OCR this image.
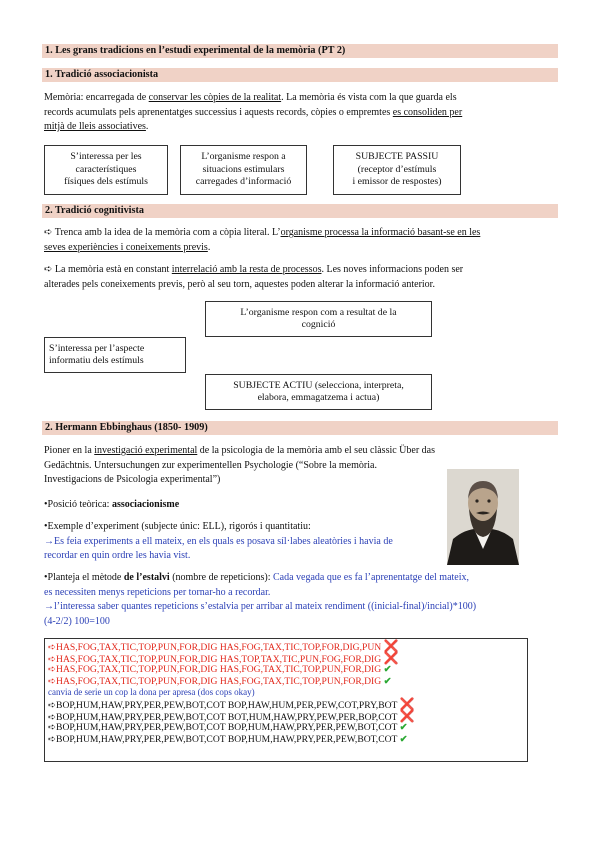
1. Les grans tradicions en l’estudi experimental de la memòria (PT 2)
1. Tradició associacionista
Memòria: encarregada de conservar les còpies de la realitat. La memòria és vista com la que guarda els
records acumulats pels aprenentatges successius i aquests records, còpies o empremtes es consoliden per
mitjà de lleis associatives.
S’interessa per les
característiques
físiques dels estímuls
L’organisme respon a
situacions estimulars
carregades d’informació
SUBJECTE PASSIU
(receptor d’estímuls
i emissor de respostes)
2. Tradició cognitivista
➪ Trenca amb la idea de la memòria com a còpia literal. L’organisme processa la informació basant-se en les
seves experiències i coneixements previs.
➪ La memòria està en constant interrelació amb la resta de processos. Les noves informacions poden ser
alterades pels coneixements previs, però al seu torn, aquestes poden alterar la informació anterior.
L’organisme respon com a resultat de la
cognició
S’interessa per l’aspecte
informatiu dels estímuls
SUBJECTE ACTIU (selecciona, interpreta,
elabora, emmagatzema i actua)
2. Hermann Ebbinghaus (1850- 1909)
Pioner en la investigació experimental de la psicologia de la memòria amb el seu clàssic Über das
Gedächtnis. Untersuchungen zur experimentellen Psychologie (“Sobre la memòria.
Investigacions de Psicologia experimental”)
•Posició teòrica: associacionisme
•Exemple d’experiment (subjecte únic: ELL), rigorós i quantitatiu:
→Es feia experiments a ell mateix, en els quals es posava síl·labes aleatòries i havia de
recordar en quin ordre les havia vist.
•Planteja el mètode de l’estalvi (nombre de repeticions): Cada vegada que es fa l’aprenentatge del mateix,
es necessiten menys repeticions per tornar-ho a recordar.
→l’interessa saber quantes repeticions s’estalvia per arribar al mateix rendiment ((inicial-final)/incial)*100)
(4-2/2) 100=100
➪HAS,FOG,TAX,TIC,TOP,PUN,FOR,DIG HAS,FOG,TAX,TIC,TOP,FOR,DIG,PUN ❌
➪HAS,FOG,TAX,TIC,TOP,PUN,FOR,DIG HAS,TOP,TAX,TIC,PUN,FOG,FOR,DIG ❌
➪HAS,FOG,TAX,TIC,TOP,PUN,FOR,DIG HAS,FOG,TAX,TIC,TOP,PUN,FOR,DIG ✔
➪HAS,FOG,TAX,TIC,TOP,PUN,FOR,DIG HAS,FOG,TAX,TIC,TOP,PUN,FOR,DIG ✔
canvia de serie un cop la dona per apresa (dos cops okay)
➪BOP,HUM,HAW,PRY,PER,PEW,BOT,COT BOP,HAW,HUM,PER,PEW,COT,PRY,BOT ❌
➪BOP,HUM,HAW,PRY,PER,PEW,BOT,COT BOT,HUM,HAW,PRY,PEW,PER,BOP,COT ❌
➪BOP,HUM,HAW,PRY,PER,PEW,BOT,COT BOP,HUM,HAW,PRY,PER,PEW,BOT,COT ✔
➪BOP,HUM,HAW,PRY,PER,PEW,BOT,COT BOP,HUM,HAW,PRY,PER,PEW,BOT,COT ✔
